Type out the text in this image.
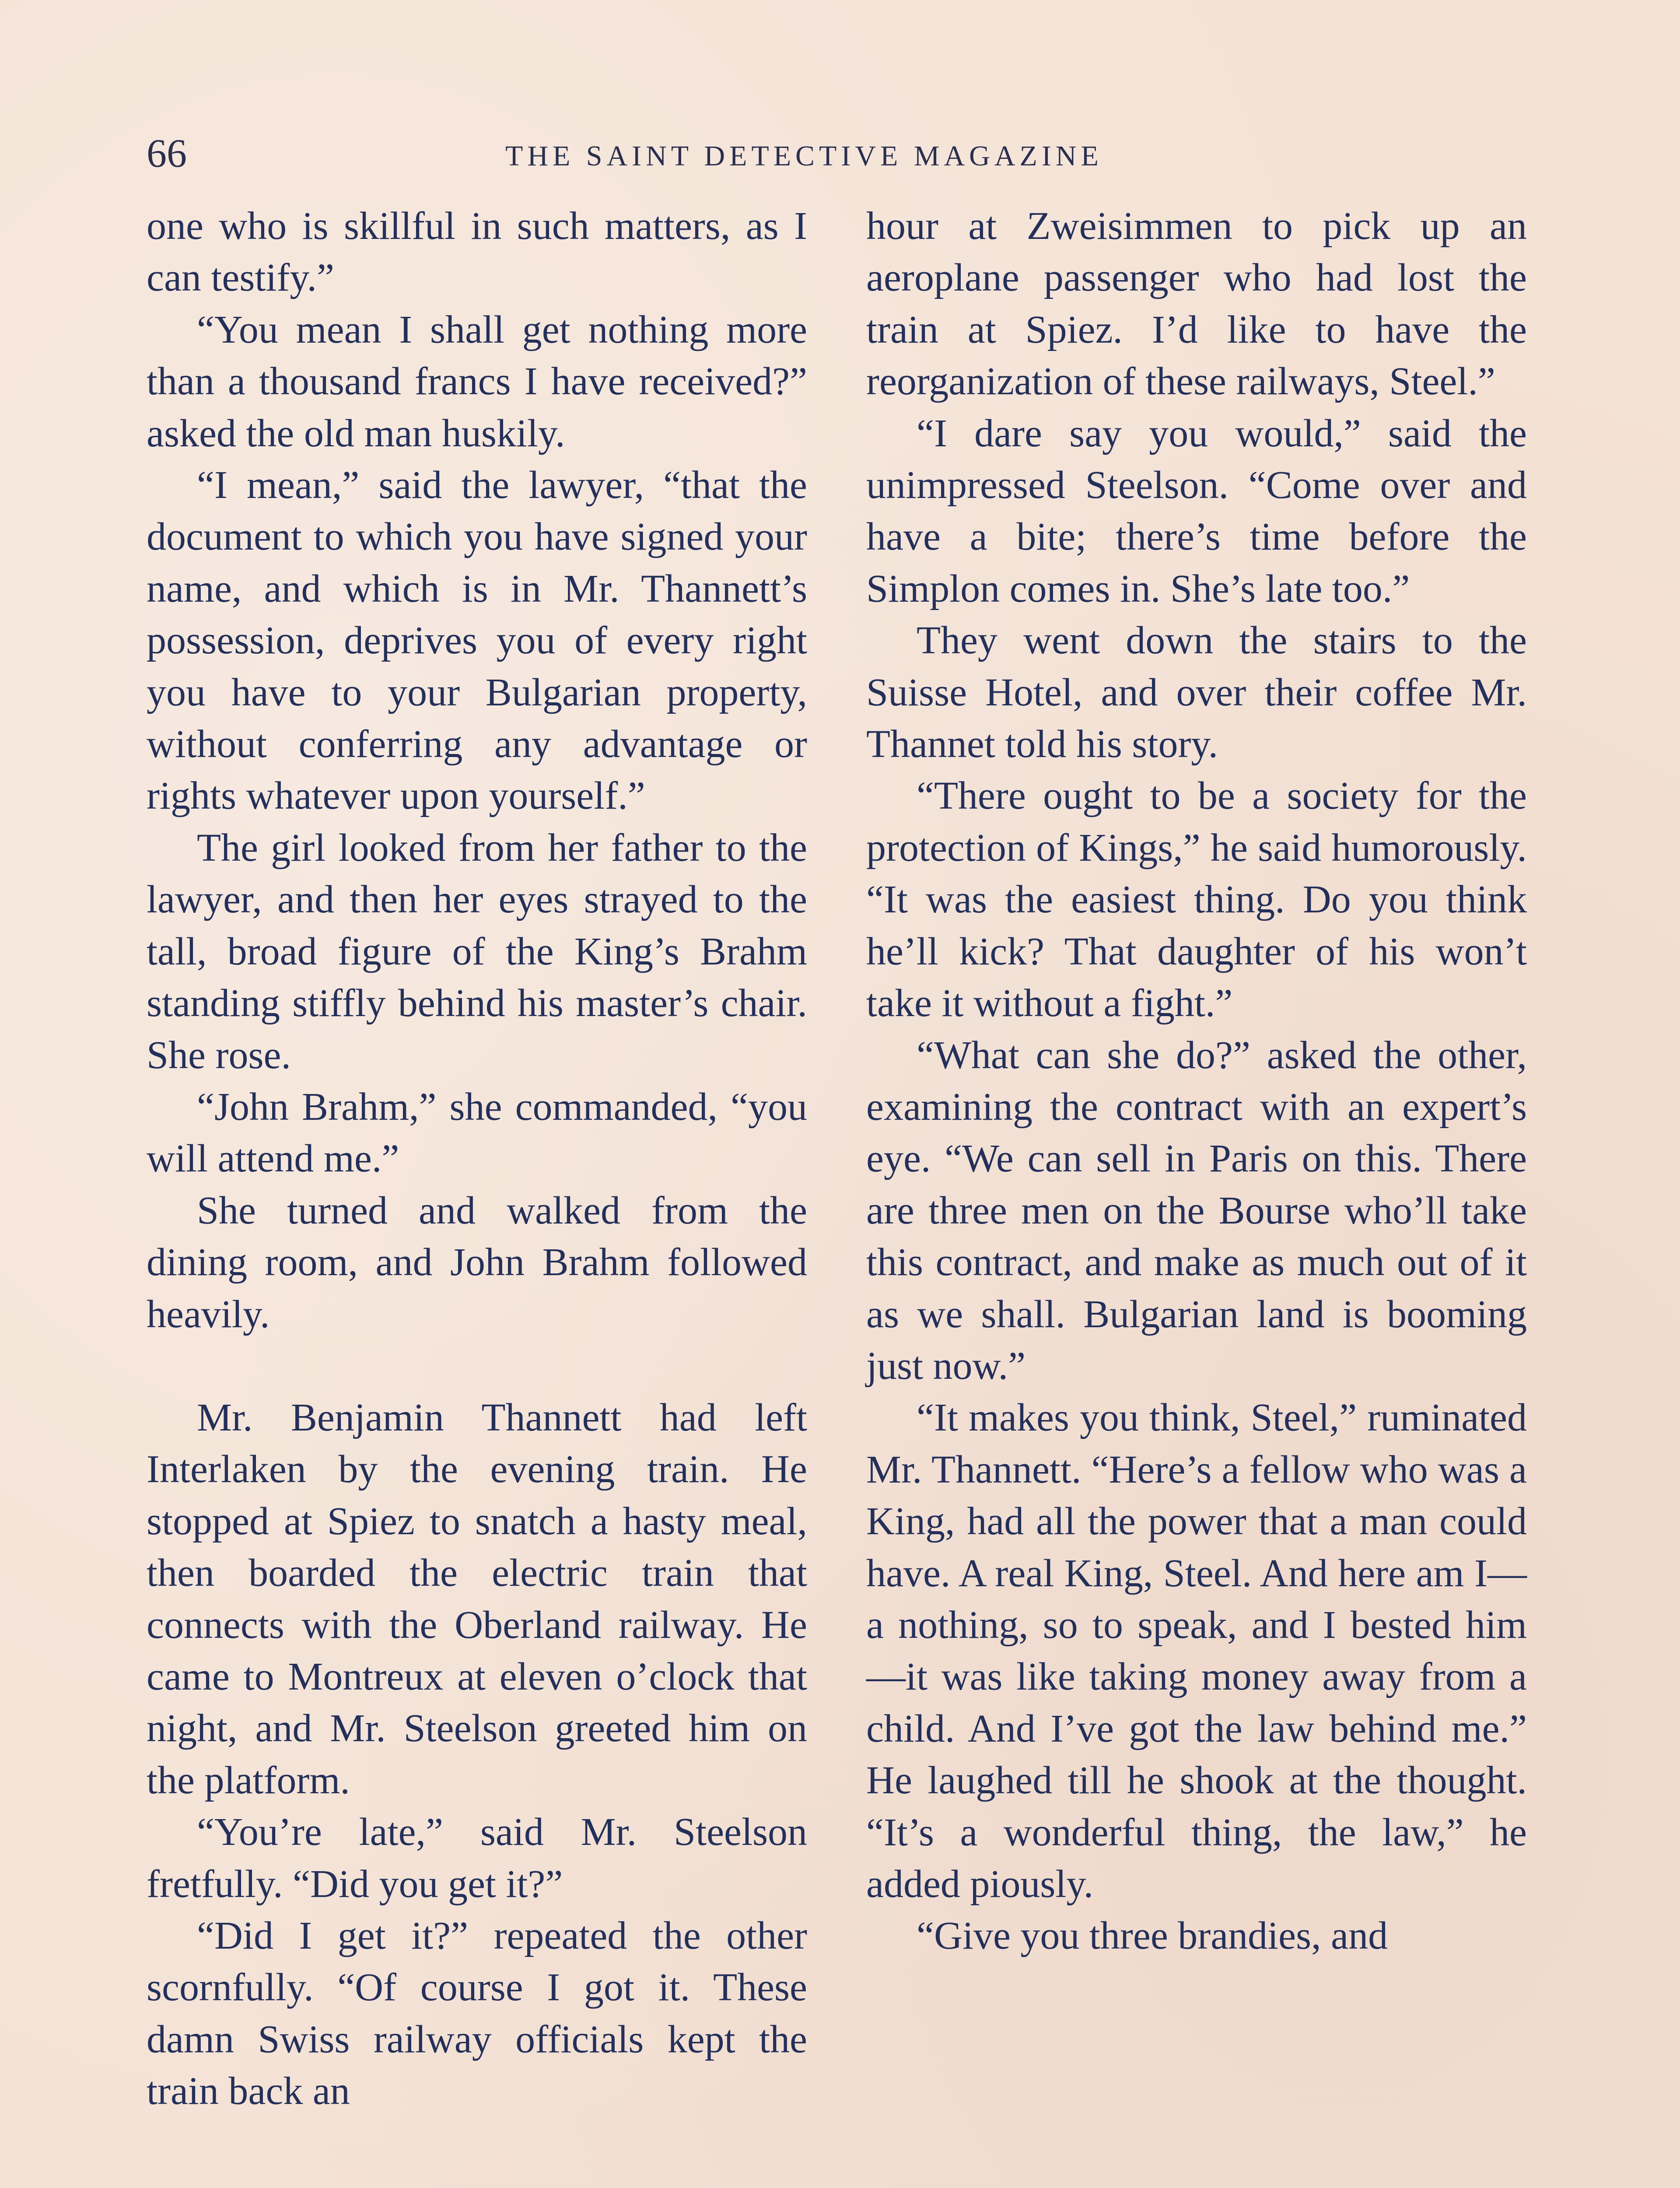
66	THE SAINT DETECTIVE MAGAZINE

one who is skillful in such matters, as I can testify.”

“You mean I shall get nothing more than a thousand francs I have received?” asked the old man huskily.

“I mean,” said the lawyer, “that the document to which you have signed your name, and which is in Mr. Thannett’s possession, deprives you of every right you have to your Bulgarian property, without conferring any advantage or rights whatever upon yourself.”

The girl looked from her father to the lawyer, and then her eyes strayed to the tall, broad figure of the King’s Brahm standing stiffly behind his master’s chair. She rose.

“John Brahm,” she commanded, “you will attend me.”

She turned and walked from the dining room, and John Brahm followed heavily.

Mr. Benjamin Thannett had left Interlaken by the evening train. He stopped at Spiez to snatch a hasty meal, then boarded the electric train that connects with the Oberland railway. He came to Montreux at eleven o’clock that night, and Mr. Steelson greeted him on the platform.

“You’re late,” said Mr. Steelson fretfully. “Did you get it?”

“Did I get it?” repeated the other scornfully. “Of course I got it. These damn Swiss railway officials kept the train back an

hour at Zweisimmen to pick up an aeroplane passenger who had lost the train at Spiez. I’d like to have the reorganization of these railways, Steel.”

“I dare say you would,” said the unimpressed Steelson. “Come over and have a bite; there’s time before the Simplon comes in. She’s late too.”

They went down the stairs to the Suisse Hotel, and over their coffee Mr. Thannet told his story.

“There ought to be a society for the protection of Kings,” he said humorously. “It was the easiest thing. Do you think he’ll kick? That daughter of his won’t take it without a fight.”

“What can she do?” asked the other, examining the contract with an expert’s eye. “We can sell in Paris on this. There are three men on the Bourse who’ll take this contract, and make as much out of it as we shall. Bulgarian land is booming just now.”

“It makes you think, Steel,” ruminated Mr. Thannett. “Here’s a fellow who was a King, had all the power that a man could have. A real King, Steel. And here am I—a nothing, so to speak, and I bested him—it was like taking money away from a child. And I’ve got the law behind me.” He laughed till he shook at the thought. “It’s a wonderful thing, the law,” he added piously.

“Give you three brandies, and
